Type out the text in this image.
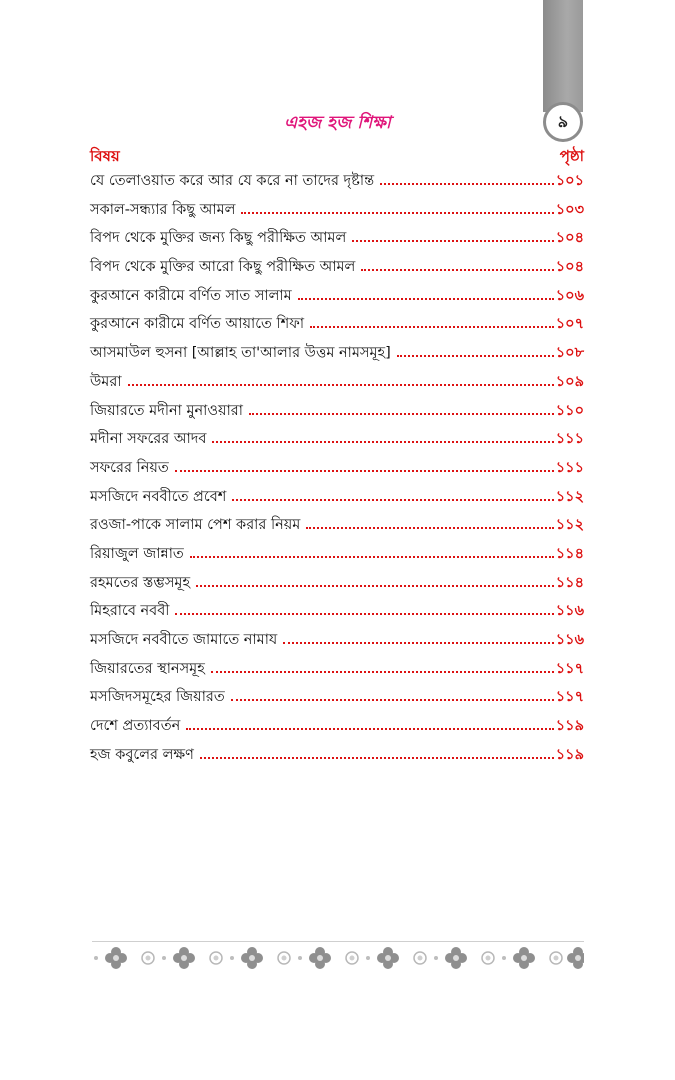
৯
এহজ হজ শিক্ষা
বিষয়	পৃষ্ঠা
যে তেলাওয়াত করে আর যে করে না তাদের দৃষ্টান্ত	১০১
সকাল-সন্ধ্যার কিছু আমল	১০৩
বিপদ থেকে মুক্তির জন্য কিছু পরীক্ষিত আমল	১০৪
বিপদ থেকে মুক্তির আরো কিছু পরীক্ষিত আমল	১০৪
কুরআনে কারীমে বর্ণিত সাত সালাম	১০৬
কুরআনে কারীমে বর্ণিত আয়াতে শিফা	১০৭
আসমাউল হুসনা [আল্লাহ তা'আলার উত্তম নামসমূহ]	১০৮
উমরা	১০৯
জিয়ারতে মদীনা মুনাওয়ারা	১১০
মদীনা সফরের আদব	১১১
সফরের নিয়ত	১১১
মসজিদে নববীতে প্রবেশ	১১২
রওজা-পাকে সালাম পেশ করার নিয়ম	১১২
রিয়াজুল জান্নাত	১১৪
রহমতের স্তম্ভসমূহ	১১৪
মিহরাবে নববী	১১৬
মসজিদে নববীতে জামাতে নামায	১১৬
জিয়ারতের স্থানসমূহ	১১৭
মসজিদসমূহের জিয়ারত	১১৭
দেশে প্রত্যাবর্তন	১১৯
হজ কবুলের লক্ষণ	১১৯
